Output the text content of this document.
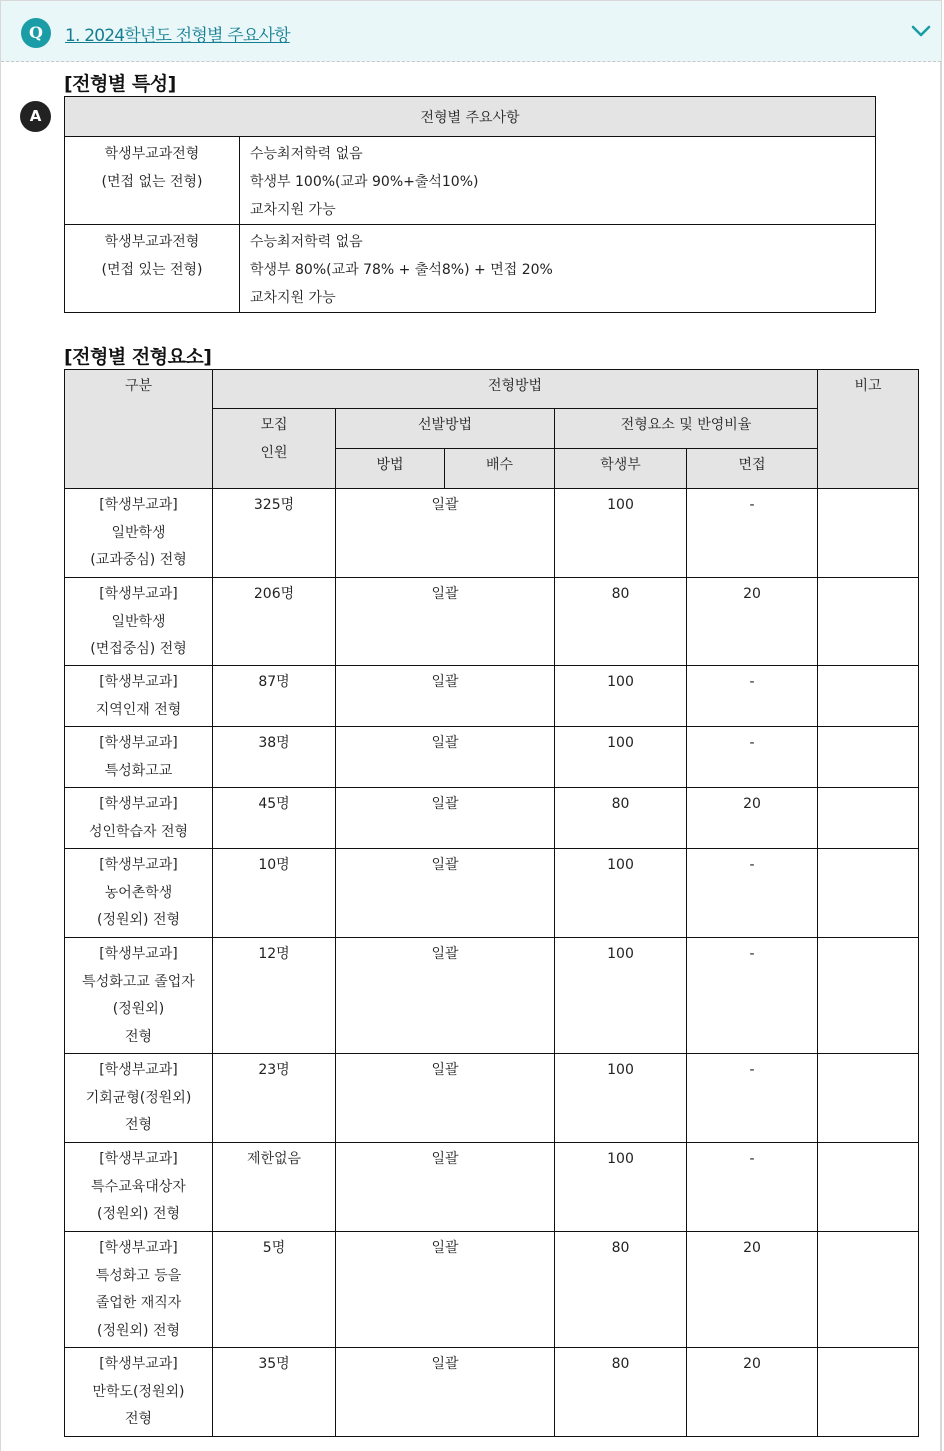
Q	1. 2024학년도 전형별 주요사항
A
[전형별 특성]
전형별 주요사항	

학생부교과전형
(면접 없는 전형)

수능최저학력 없음
학생부 100%(교과 90%+출석10%)
교차지원 가능

학생부교과전형
(면접 있는 전형)

수능최저학력 없음
학생부 80%(교과 78% + 출석8%) + 면접 20%
교차지원 가능
[전형별 전형요소]
구분	전형방법					비고

	모집
인원	선발방법		전형요소 및 반영비율		
		방법	배수	학생부	면접	

[학생부교과]
일반학생
(교과중심) 전형	325명	일괄		100	-	

[학생부교과]
일반학생
(면접중심) 전형	206명	일괄		80	20	

[학생부교과]
지역인재 전형	87명	일괄		100	-	

[학생부교과]
특성화고교	38명	일괄		100	-	

[학생부교과]
성인학습자 전형	45명	일괄		80	20	

[학생부교과]
농어촌학생
(정원외) 전형	10명	일괄		100	-	

[학생부교과]
특성화고교 졸업자
(정원외)
전형	12명	일괄		100	-	

[학생부교과]
기회균형(정원외)
전형	23명	일괄		100	-	

[학생부교과]
특수교육대상자
(정원외) 전형	제한없음	일괄		100	-	

[학생부교과]
특성화고 등을
졸업한 재직자
(정원외) 전형	5명	일괄		80	20	

[학생부교과]
만학도(정원외)
전형	35명	일괄		80	20	
